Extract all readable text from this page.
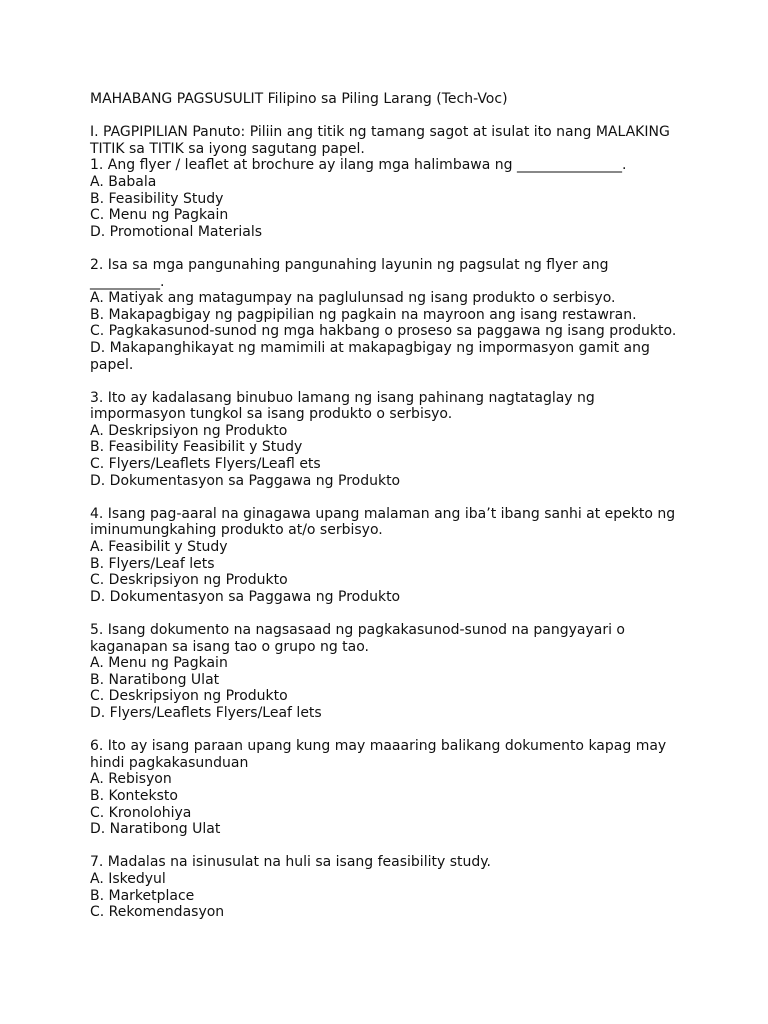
MAHABANG PAGSUSULIT Filipino sa Piling Larang (Tech-Voc)
I. PAGPIPILIAN Panuto: Piliin ang titik ng tamang sagot at isulat ito nang MALAKING
TITIK sa TITIK sa iyong sagutang papel.
1. Ang flyer / leaflet at brochure ay ilang mga halimbawa ng _______________.
A. Babala
B. Feasibility Study
C. Menu ng Pagkain
D. Promotional Materials
2. Isa sa mga pangunahing pangunahing layunin ng pagsulat ng flyer ang
__________.
A. Matiyak ang matagumpay na paglulunsad ng isang produkto o serbisyo.
B. Makapagbigay ng pagpipilian ng pagkain na mayroon ang isang restawran.
C. Pagkakasunod-sunod ng mga hakbang o proseso sa paggawa ng isang produkto.
D. Makapanghikayat ng mamimili at makapagbigay ng impormasyon gamit ang
papel.
3. Ito ay kadalasang binubuo lamang ng isang pahinang nagtataglay ng
impormasyon tungkol sa isang produkto o serbisyo.
A. Deskripsiyon ng Produkto
B. Feasibility Feasibilit y Study
C. Flyers/Leaflets Flyers/Leafl ets
D. Dokumentasyon sa Paggawa ng Produkto
4. Isang pag-aaral na ginagawa upang malaman ang iba’t ibang sanhi at epekto ng
iminumungkahing produkto at/o serbisyo.
A. Feasibilit y Study
B. Flyers/Leaf lets
C. Deskripsiyon ng Produkto
D. Dokumentasyon sa Paggawa ng Produkto
5. Isang dokumento na nagsasaad ng pagkakasunod-sunod na pangyayari o
kaganapan sa isang tao o grupo ng tao.
A. Menu ng Pagkain
B. Naratibong Ulat
C. Deskripsiyon ng Produkto
D. Flyers/Leaflets Flyers/Leaf lets
6. Ito ay isang paraan upang kung may maaaring balikang dokumento kapag may
hindi pagkakasunduan
A. Rebisyon
B. Konteksto
C. Kronolohiya
D. Naratibong Ulat
7. Madalas na isinusulat na huli sa isang feasibility study.
A. Iskedyul
B. Marketplace
C. Rekomendasyon
